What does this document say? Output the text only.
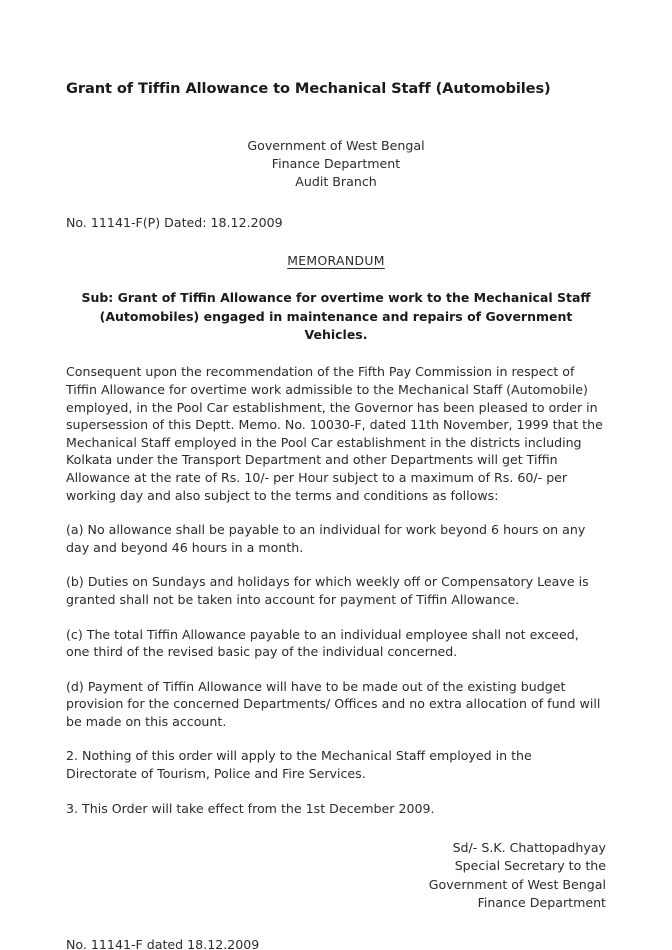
Grant of Tiffin Allowance to Mechanical Staff (Automobiles)
Government of West Bengal
Finance Department
Audit Branch
No. 11141-F(P) Dated: 18.12.2009
MEMORANDUM
Sub: Grant of Tiffin Allowance for overtime work to the Mechanical Staff (Automobiles) engaged in maintenance and repairs of Government Vehicles.

Consequent upon the recommendation of the Fifth Pay Commission in respect of Tiffin Allowance for overtime work admissible to the Mechanical Staff (Automobile) employed, in the Pool Car establishment, the Governor has been pleased to order in supersession of this Deptt. Memo. No. 10030-F, dated 11th November, 1999 that the Mechanical Staff employed in the Pool Car establishment in the districts including Kolkata under the Transport Department and other Departments will get Tiffin Allowance at the rate of Rs. 10/- per Hour subject to a maximum of Rs. 60/- per working day and also subject to the terms and conditions as follows:

(a) No allowance shall be payable to an individual for work beyond 6 hours on any day and beyond 46 hours in a month.

(b) Duties on Sundays and holidays for which weekly off or Compensatory Leave is granted shall not be taken into account for payment of Tiffin Allowance.

(c) The total Tiffin Allowance payable to an individual employee shall not exceed, one third of the revised basic pay of the individual concerned.

(d) Payment of Tiffin Allowance will have to be made out of the existing budget provision for the concerned Departments/ Offices and no extra allocation of fund will be made on this account.

2. Nothing of this order will apply to the Mechanical Staff employed in the Directorate of Tourism, Police and Fire Services.

3. This Order will take effect from the 1st December 2009.

Sd/- S.K. Chattopadhyay
Special Secretary to the
Government of West Bengal
Finance Department
No. 11141-F dated 18.12.2009
